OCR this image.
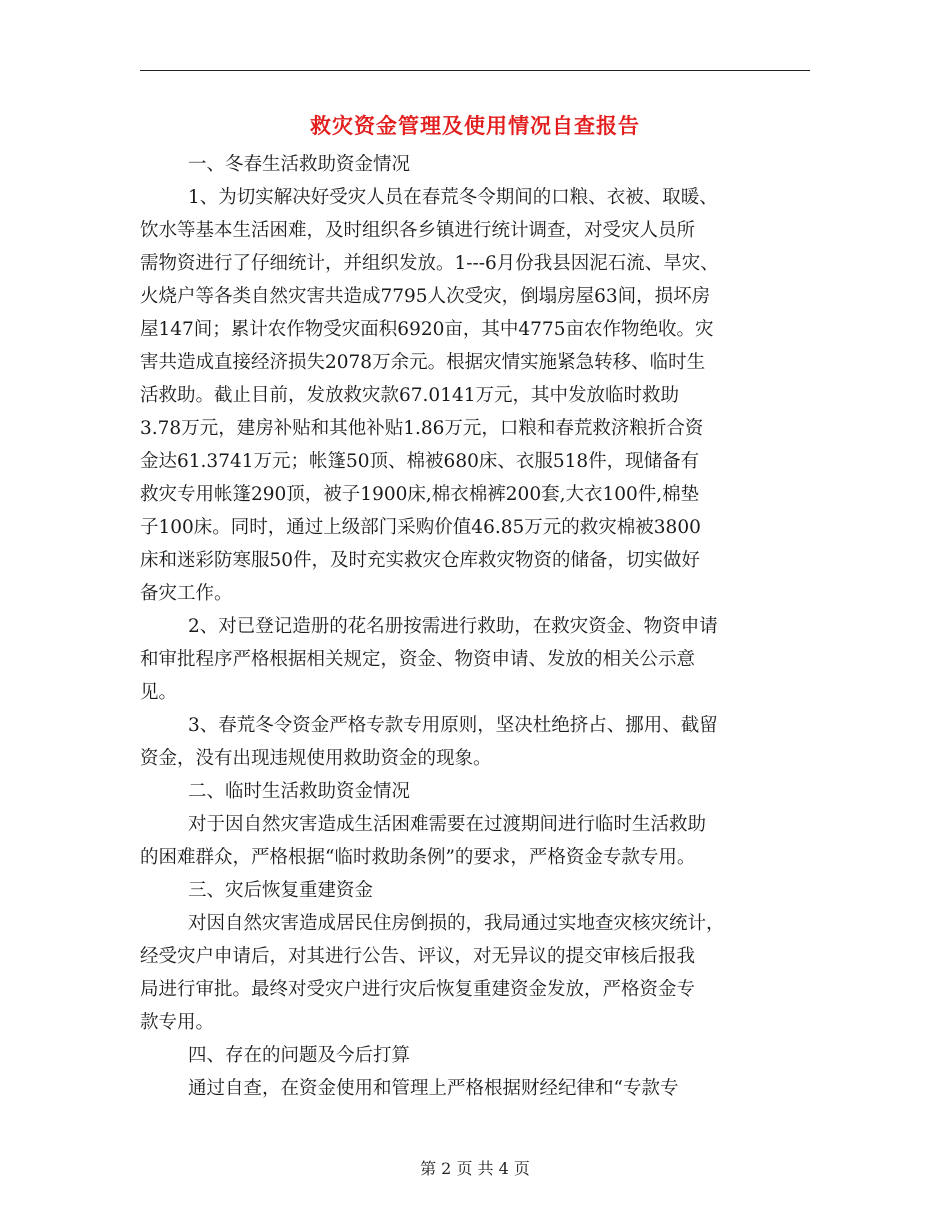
救灾资金管理及使用情况自查报告
一、冬春生活救助资金情况
1、为切实解决好受灾人员在春荒冬令期间的口粮、衣被、取暖、
饮水等基本生活困难，及时组织各乡镇进行统计调查，对受灾人员所
需物资进行了仔细统计，并组织发放。1---6月份我县因泥石流、旱灾、
火烧户等各类自然灾害共造成7795人次受灾，倒塌房屋63间，损坏房
屋147间；累计农作物受灾面积6920亩，其中4775亩农作物绝收。灾
害共造成直接经济损失2078万余元。根据灾情实施紧急转移、临时生
活救助。截止目前，发放救灾款67.0141万元，其中发放临时救助
3.78万元，建房补贴和其他补贴1.86万元，口粮和春荒救济粮折合资
金达61.3741万元；帐篷50顶、棉被680床、衣服518件，现储备有
救灾专用帐篷290顶，被子1900床,棉衣棉裤200套,大衣100件,棉垫
子100床。同时，通过上级部门采购价值46.85万元的救灾棉被3800
床和迷彩防寒服50件，及时充实救灾仓库救灾物资的储备，切实做好
备灾工作。
2、对已登记造册的花名册按需进行救助，在救灾资金、物资申请
和审批程序严格根据相关规定，资金、物资申请、发放的相关公示意
见。
3、春荒冬令资金严格专款专用原则，坚决杜绝挤占、挪用、截留
资金，没有出现违规使用救助资金的现象。
二、临时生活救助资金情况
对于因自然灾害造成生活困难需要在过渡期间进行临时生活救助
的困难群众，严格根据“临时救助条例”的要求，严格资金专款专用。
三、灾后恢复重建资金
对因自然灾害造成居民住房倒损的，我局通过实地查灾核灾统计，
经受灾户申请后，对其进行公告、评议，对无异议的提交审核后报我
局进行审批。最终对受灾户进行灾后恢复重建资金发放，严格资金专
款专用。
四、存在的问题及今后打算
通过自查，在资金使用和管理上严格根据财经纪律和“专款专
第 2 页 共 4 页
